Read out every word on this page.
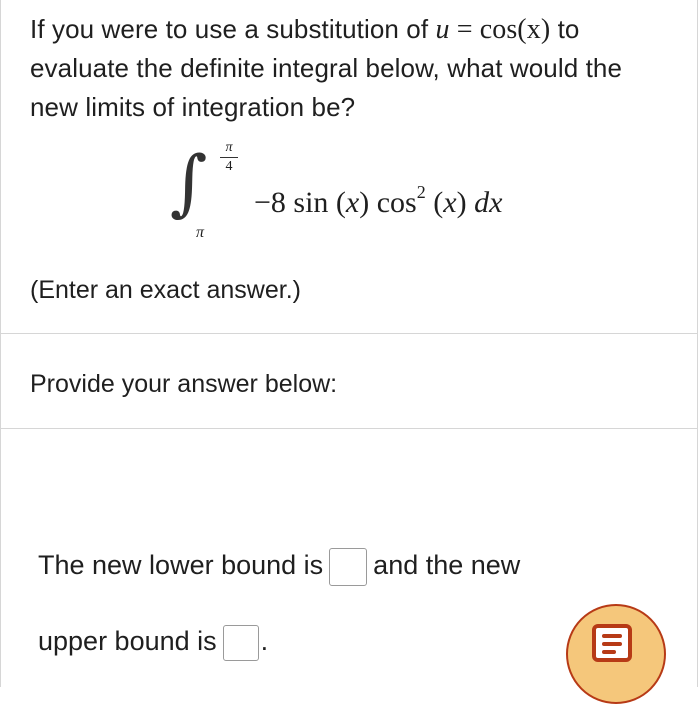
If you were to use a substitution of u = cos(x) to evaluate the definite integral below, what would the new limits of integration be?
∫	π
4
π
−8 sin (x) $\cos^2 (x)$ dx
(Enter an exact answer.)
Provide your answer below:
The new lower bound is and the new
upper bound is .
